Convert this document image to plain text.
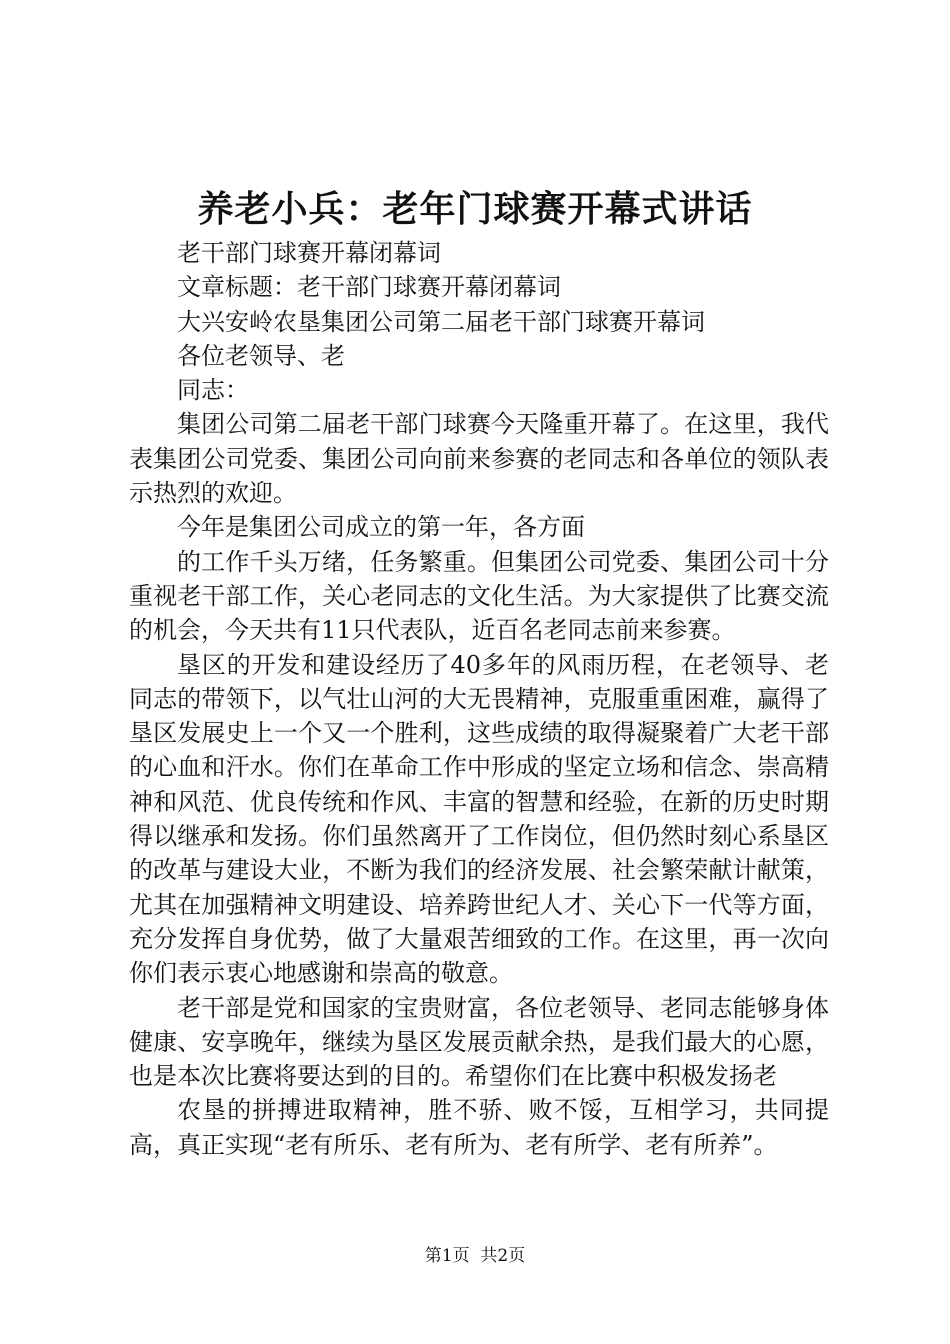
养老小兵：老年门球赛开幕式讲话

老干部门球赛开幕闭幕词

文章标题：老干部门球赛开幕闭幕词

大兴安岭农垦集团公司第二届老干部门球赛开幕词

各位老领导、老

同志：

集团公司第二届老干部门球赛今天隆重开幕了。在这里，我代表集团公司党委、集团公司向前来参赛的老同志和各单位的领队表示热烈的欢迎。

今年是集团公司成立的第一年，各方面

的工作千头万绪，任务繁重。但集团公司党委、集团公司十分重视老干部工作，关心老同志的文化生活。为大家提供了比赛交流的机会，今天共有11只代表队，近百名老同志前来参赛。

垦区的开发和建设经历了40多年的风雨历程，在老领导、老同志的带领下，以气壮山河的大无畏精神，克服重重困难，赢得了垦区发展史上一个又一个胜利，这些成绩的取得凝聚着广大老干部的心血和汗水。你们在革命工作中形成的坚定立场和信念、崇高精神和风范、优良传统和作风、丰富的智慧和经验，在新的历史时期得以继承和发扬。你们虽然离开了工作岗位，但仍然时刻心系垦区的改革与建设大业，不断为我们的经济发展、社会繁荣献计献策，尤其在加强精神文明建设、培养跨世纪人才、关心下一代等方面，充分发挥自身优势，做了大量艰苦细致的工作。在这里，再一次向你们表示衷心地感谢和崇高的敬意。

老干部是党和国家的宝贵财富，各位老领导、老同志能够身体健康、安享晚年，继续为垦区发展贡献余热，是我们最大的心愿，也是本次比赛将要达到的目的。希望你们在比赛中积极发扬老

农垦的拼搏进取精神，胜不骄、败不馁，互相学习，共同提高，真正实现“老有所乐、老有所为、老有所学、老有所养”。

第1页  共2页
